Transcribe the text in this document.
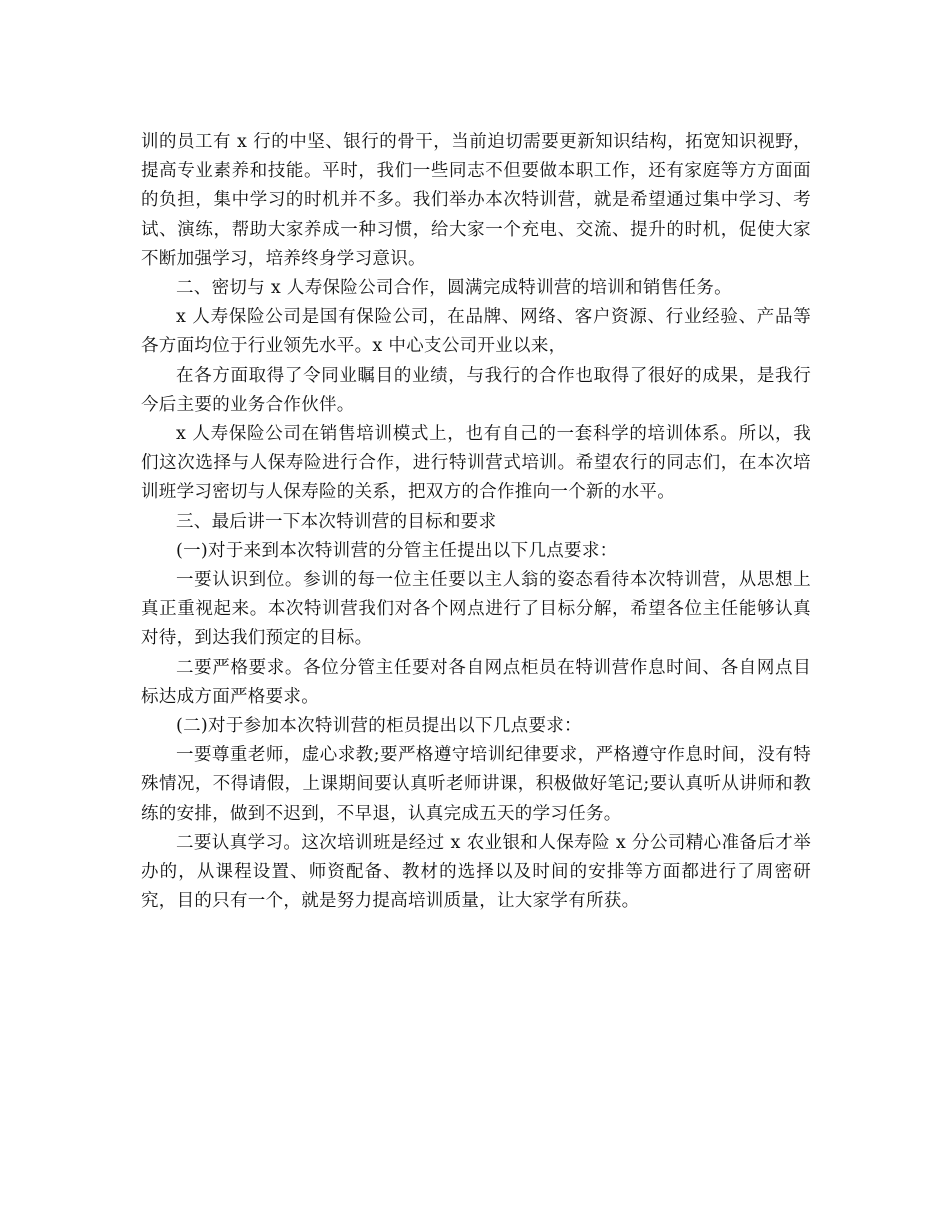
训的员工有 x 行的中坚、银行的骨干，当前迫切需要更新知识结构，拓宽知识视野，提高专业素养和技能。平时，我们一些同志不但要做本职工作，还有家庭等方方面面的负担，集中学习的时机并不多。我们举办本次特训营，就是希望通过集中学习、考试、演练，帮助大家养成一种习惯，给大家一个充电、交流、提升的时机，促使大家不断加强学习，培养终身学习意识。

二、密切与 x 人寿保险公司合作，圆满完成特训营的培训和销售任务。

x 人寿保险公司是国有保险公司，在品牌、网络、客户资源、行业经验、产品等各方面均位于行业领先水平。x 中心支公司开业以来，

在各方面取得了令同业瞩目的业绩，与我行的合作也取得了很好的成果，是我行今后主要的业务合作伙伴。

x 人寿保险公司在销售培训模式上，也有自己的一套科学的培训体系。所以，我们这次选择与人保寿险进行合作，进行特训营式培训。希望农行的同志们，在本次培训班学习密切与人保寿险的关系，把双方的合作推向一个新的水平。

三、最后讲一下本次特训营的目标和要求

(一)对于来到本次特训营的分管主任提出以下几点要求：

一要认识到位。参训的每一位主任要以主人翁的姿态看待本次特训营，从思想上真正重视起来。本次特训营我们对各个网点进行了目标分解，希望各位主任能够认真对待，到达我们预定的目标。

二要严格要求。各位分管主任要对各自网点柜员在特训营作息时间、各自网点目标达成方面严格要求。

(二)对于参加本次特训营的柜员提出以下几点要求：

一要尊重老师，虚心求教;要严格遵守培训纪律要求，严格遵守作息时间，没有特殊情况，不得请假，上课期间要认真听老师讲课，积极做好笔记;要认真听从讲师和教练的安排，做到不迟到，不早退，认真完成五天的学习任务。

二要认真学习。这次培训班是经过 x 农业银和人保寿险 x 分公司精心准备后才举办的，从课程设置、师资配备、教材的选择以及时间的安排等方面都进行了周密研究，目的只有一个，就是努力提高培训质量，让大家学有所获。
